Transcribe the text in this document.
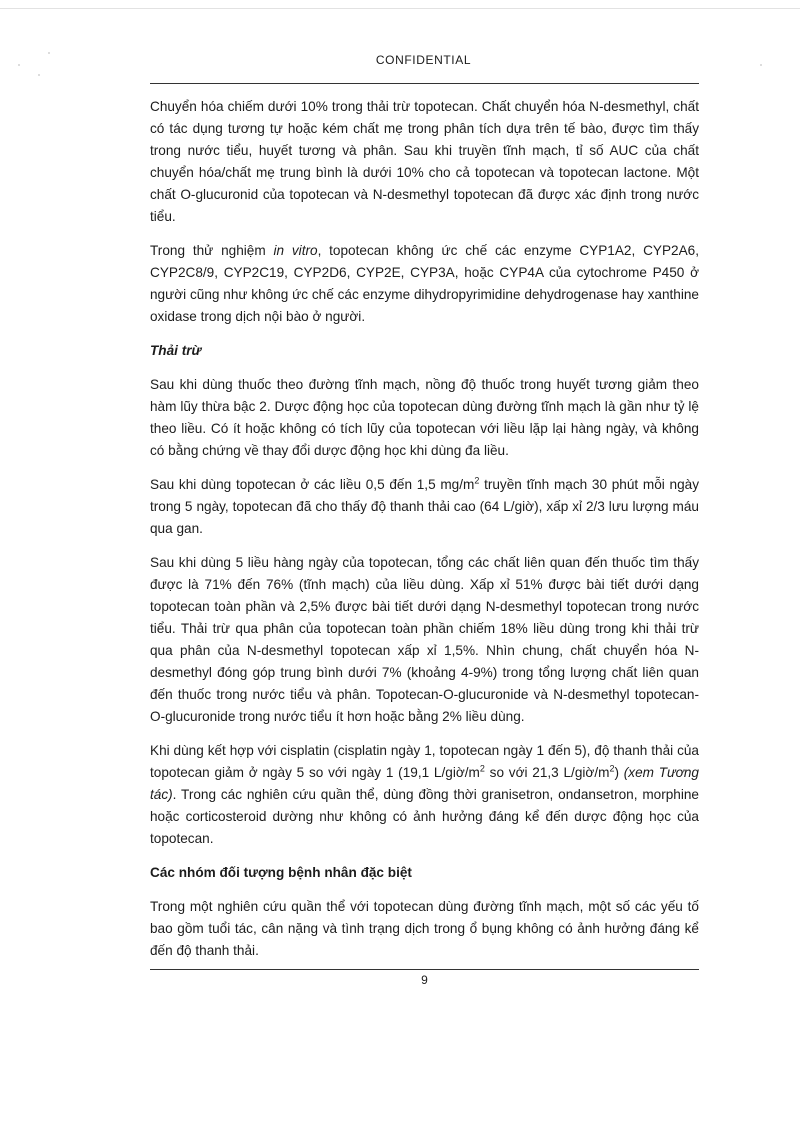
CONFIDENTIAL

Chuyển hóa chiếm dưới 10% trong thải trừ topotecan. Chất chuyển hóa N-desmethyl, chất có tác dụng tương tự hoặc kém chất mẹ trong phân tích dựa trên tế bào, được tìm thấy trong nước tiểu, huyết tương và phân. Sau khi truyền tĩnh mạch, tỉ số AUC của chất chuyển hóa/chất mẹ trung bình là dưới 10% cho cả topotecan và topotecan lactone. Một chất O-glucuronid của topotecan và N-desmethyl topotecan đã được xác định trong nước tiểu.

Trong thử nghiệm in vitro, topotecan không ức chế các enzyme CYP1A2, CYP2A6, CYP2C8/9, CYP2C19, CYP2D6, CYP2E, CYP3A, hoặc CYP4A của cytochrome P450 ở người cũng như không ức chế các enzyme dihydropyrimidine dehydrogenase hay xanthine oxidase trong dịch nội bào ở người.

Thải trừ

Sau khi dùng thuốc theo đường tĩnh mạch, nồng độ thuốc trong huyết tương giảm theo hàm lũy thừa bậc 2. Dược động học của topotecan dùng đường tĩnh mạch là gần như tỷ lệ theo liều. Có ít hoặc không có tích lũy của topotecan với liều lặp lại hàng ngày, và không có bằng chứng về thay đổi dược động học khi dùng đa liều.

Sau khi dùng topotecan ở các liều 0,5 đến 1,5 $mg/m^2$ truyền tĩnh mạch 30 phút mỗi ngày trong 5 ngày, topotecan đã cho thấy độ thanh thải cao (64 L/giờ), xấp xỉ 2/3 lưu lượng máu qua gan.

Sau khi dùng 5 liều hàng ngày của topotecan, tổng các chất liên quan đến thuốc tìm thấy được là 71% đến 76% (tĩnh mạch) của liều dùng. Xấp xỉ 51% được bài tiết dưới dạng topotecan toàn phần và 2,5% được bài tiết dưới dạng N-desmethyl topotecan trong nước tiểu. Thải trừ qua phân của topotecan toàn phần chiếm 18% liều dùng trong khi thải trừ qua phân của N-desmethyl topotecan xấp xỉ 1,5%. Nhìn chung, chất chuyển hóa N-desmethyl đóng góp trung bình dưới 7% (khoảng 4-9%) trong tổng lượng chất liên quan đến thuốc trong nước tiểu và phân. Topotecan-O-glucuronide và N-desmethyl topotecan-O-glucuronide trong nước tiểu ít hơn hoặc bằng 2% liều dùng.

Khi dùng kết hợp với cisplatin (cisplatin ngày 1, topotecan ngày 1 đến 5), độ thanh thải của topotecan giảm ở ngày 5 so với ngày 1 (19,1 $L/giờ/m^2$ so với 21,3 $L/giờ/m^2$) (xem Tương tác). Trong các nghiên cứu quần thể, dùng đồng thời granisetron, ondansetron, morphine hoặc corticosteroid dường như không có ảnh hưởng đáng kể đến dược động học của topotecan.

Các nhóm đối tượng bệnh nhân đặc biệt

Trong một nghiên cứu quần thể với topotecan dùng đường tĩnh mạch, một số các yếu tố bao gồm tuổi tác, cân nặng và tình trạng dịch trong ổ bụng không có ảnh hưởng đáng kể đến độ thanh thải.

9
